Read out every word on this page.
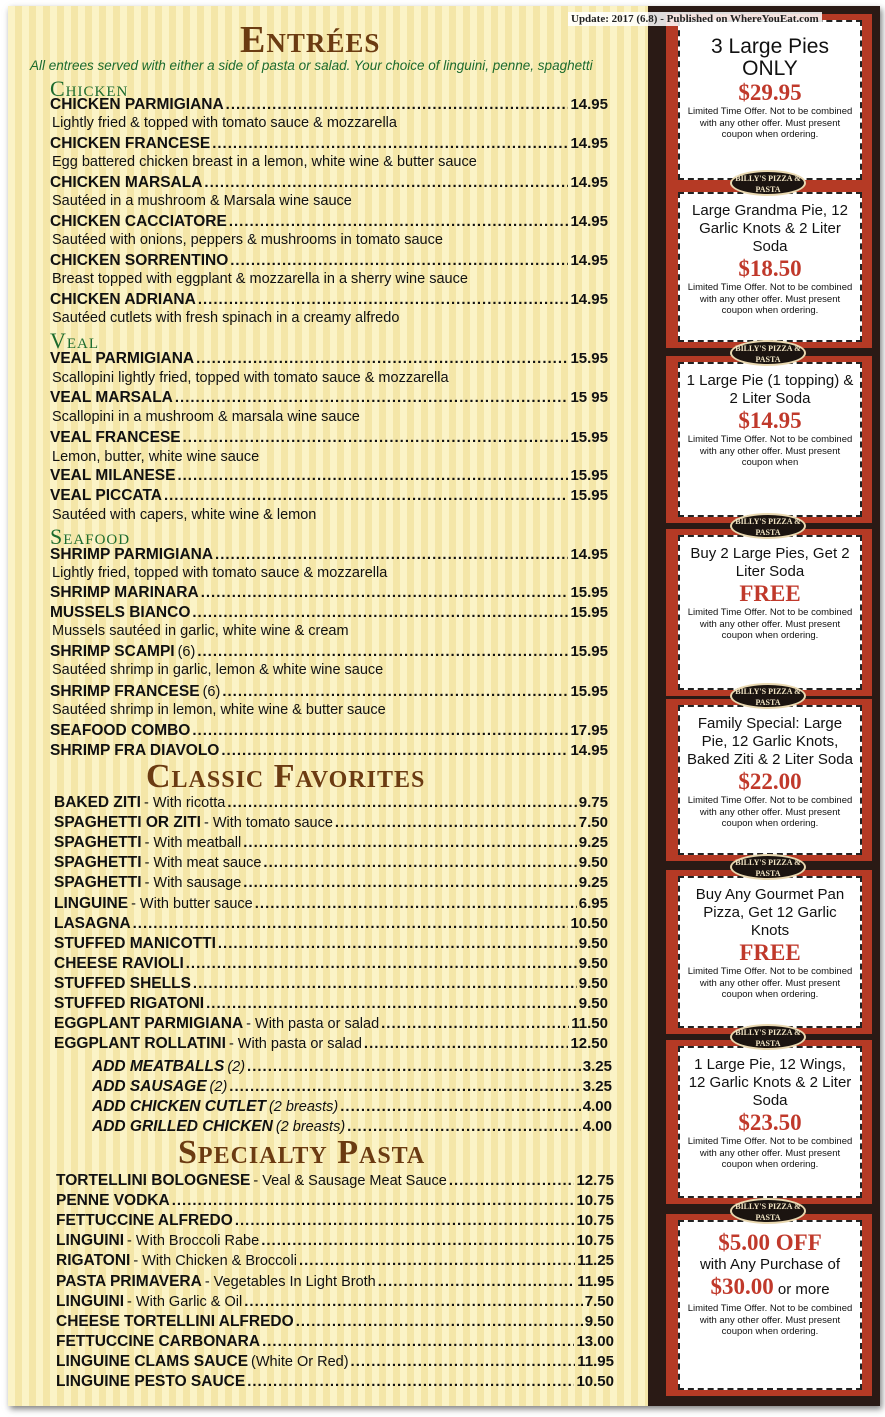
Entrées
All entrees served with either a side of pasta or salad. Your choice of linguini, penne, spaghetti
Chicken
CHICKEN PARMIGIANA .....	14.95
Lightly fried & topped with tomato sauce & mozzarella
CHICKEN FRANCESE .....	14.95
Egg battered chicken breast in a lemon, white wine & butter sauce
CHICKEN MARSALA .....	14.95
Sautéed in a mushroom & Marsala wine sauce
CHICKEN CACCIATORE .....	14.95
Sautéed with onions, peppers & mushrooms in tomato sauce
CHICKEN SORRENTINO .....	14.95
Breast topped with eggplant & mozzarella in a sherry wine sauce
CHICKEN ADRIANA .....	14.95
Sautéed cutlets with fresh spinach in a creamy alfredo
Veal
VEAL PARMIGIANA .....	15.95
Scallopini lightly fried, topped with tomato sauce & mozzarella
VEAL MARSALA .....	15 95
Scallopini in a mushroom & marsala wine sauce
VEAL FRANCESE .....	15.95
Lemon, butter, white wine sauce
VEAL MILANESE .....	15.95
VEAL PICCATA .....	15.95
Sautéed with capers, white wine & lemon
Seafood
SHRIMP PARMIGIANA .....	14.95
Lightly fried, topped with tomato sauce & mozzarella
SHRIMP MARINARA .....	15.95
MUSSELS BIANCO .....	15.95
Mussels sautéed in garlic, white wine & cream
SHRIMP SCAMPI (6) .....	15.95
Sautéed shrimp in garlic, lemon & white wine sauce
SHRIMP FRANCESE (6) .....	15.95
Sautéed shrimp in lemon, white wine & butter sauce
SEAFOOD COMBO .....	17.95
SHRIMP FRA DIAVOLO .....	14.95
Classic Favorites
BAKED ZITI - With ricotta .....	9.75
SPAGHETTI OR ZITI - With tomato sauce .....	7.50
SPAGHETTI - With meatball .....	9.25
SPAGHETTI - With meat sauce .....	9.50
SPAGHETTI - With sausage .....	9.25
LINGUINE - With butter sauce .....	6.95
LASAGNA .....	10.50
STUFFED MANICOTTI .....	9.50
CHEESE RAVIOLI .....	9.50
STUFFED SHELLS .....	9.50
STUFFED RIGATONI .....	9.50
EGGPLANT PARMIGIANA - With pasta or salad .....	11.50
EGGPLANT ROLLATINI - With pasta or salad .....	12.50
ADD MEATBALLS (2) .....	3.25
ADD SAUSAGE (2) .....	3.25
ADD CHICKEN CUTLET (2 breasts) .....	4.00
ADD GRILLED CHICKEN (2 breasts) .....	4.00
Specialty Pasta
TORTELLINI BOLOGNESE - Veal & Sausage Meat Sauce .....	12.75
PENNE VODKA .....	10.75
FETTUCCINE ALFREDO .....	10.75
LINGUINI - With Broccoli Rabe .....	10.75
RIGATONI - With Chicken & Broccoli .....	11.25
PASTA PRIMAVERA - Vegetables In Light Broth .....	11.95
LINGUINI - With Garlic & Oil .....	7.50
CHEESE TORTELLINI ALFREDO .....	9.50
FETTUCCINE CARBONARA .....	13.00
LINGUINE CLAMS SAUCE (White Or Red) .....	11.95
LINGUINE PESTO SAUCE .....	10.50
Update: 2017 (6.8) - Published on WhereYouEat.com
3 Large Pies ONLY
$29.95
Limited Time Offer. Not to be combined with any other offer. Must present coupon when ordering.
Large Grandma Pie, 12 Garlic Knots & 2 Liter Soda
$18.50
Limited Time Offer. Not to be combined with any other offer. Must present coupon when ordering.
BILLY'S PIZZA & PASTA
1 Large Pie (1 topping) & 2 Liter Soda
$14.95
Limited Time Offer. Not to be combined with any other offer. Must present coupon when
BILLY'S PIZZA & PASTA
Buy 2 Large Pies, Get 2 Liter Soda
FREE
Limited Time Offer. Not to be combined with any other offer. Must present coupon when ordering.
BILLY'S PIZZA & PASTA
Family Special: Large Pie, 12 Garlic Knots, Baked Ziti & 2 Liter Soda
$22.00
Limited Time Offer. Not to be combined with any other offer. Must present coupon when ordering.
BILLY'S PIZZA & PASTA
Buy Any Gourmet Pan Pizza, Get 12 Garlic Knots
FREE
Limited Time Offer. Not to be combined with any other offer. Must present coupon when ordering.
BILLY'S PIZZA & PASTA
1 Large Pie, 12 Wings, 12 Garlic Knots & 2 Liter Soda
$23.50
Limited Time Offer. Not to be combined with any other offer. Must present coupon when ordering.
BILLY'S PIZZA & PASTA
$5.00 OFF
with Any Purchase of
$30.00 or more
Limited Time Offer. Not to be combined with any other offer. Must present coupon when ordering.
BILLY'S PIZZA & PASTA
